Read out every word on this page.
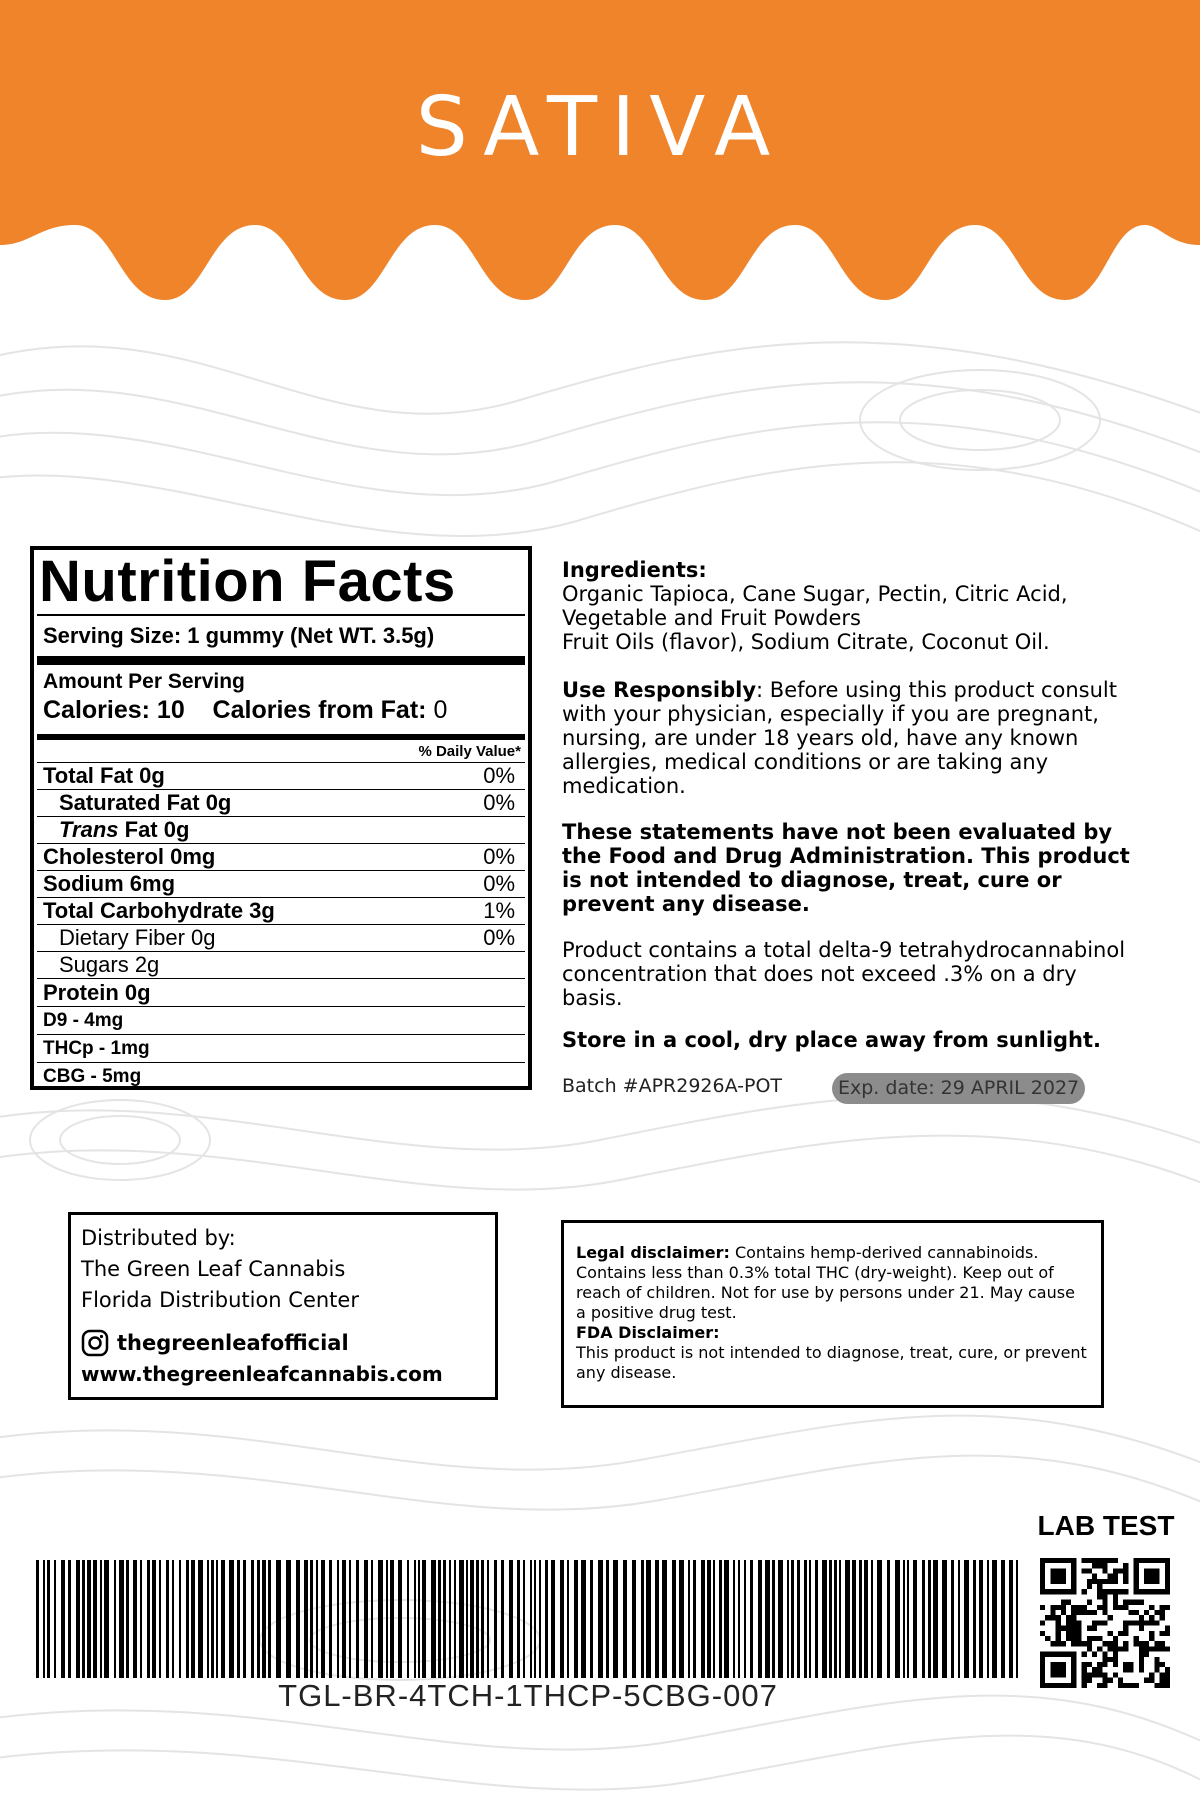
SATIVA
Nutrition Facts
Serving Size: 1 gummy (Net WT. 3.5g)
Amount Per Serving
Calories: 10 Calories from Fat: 0
% Daily Value*
Total Fat 0g	0%
Saturated Fat 0g	0%
Trans Fat 0g
Cholesterol 0mg	0%
Sodium 6mg	0%
Total Carbohydrate 3g	1%
Dietary Fiber 0g	0%
Sugars 2g
Protein 0g
D9 - 4mg
THCp - 1mg
CBG - 5mg
Ingredients:
Organic Tapioca, Cane Sugar, Pectin, Citric Acid,
Vegetable and Fruit Powders
Fruit Oils (flavor), Sodium Citrate, Coconut Oil.
Use Responsibly: Before using this product consult with your physician, especially if you are pregnant, nursing, are under 18 years old, have any known allergies, medical conditions or are taking any medication.
These statements have not been evaluated by the Food and Drug Administration. This product is not intended to diagnose, treat, cure or prevent any disease.
Product contains a total delta-9 tetrahydrocannabinol concentration that does not exceed .3% on a dry basis.
Store in a cool, dry place away from sunlight.
Batch #APR2926A-POT	Exp. date: 29 APRIL 2027
Distributed by:
The Green Leaf Cannabis
Florida Distribution Center
thegreenleafofficial
www.thegreenleafcannabis.com
Legal disclaimer: Contains hemp-derived cannabinoids. Contains less than 0.3% total THC (dry-weight). Keep out of reach of children. Not for use by persons under 21. May cause a positive drug test.
FDA Disclaimer:
This product is not intended to diagnose, treat, cure, or prevent any disease.
TGL-BR-4TCH-1THCP-5CBG-007
LAB TEST
